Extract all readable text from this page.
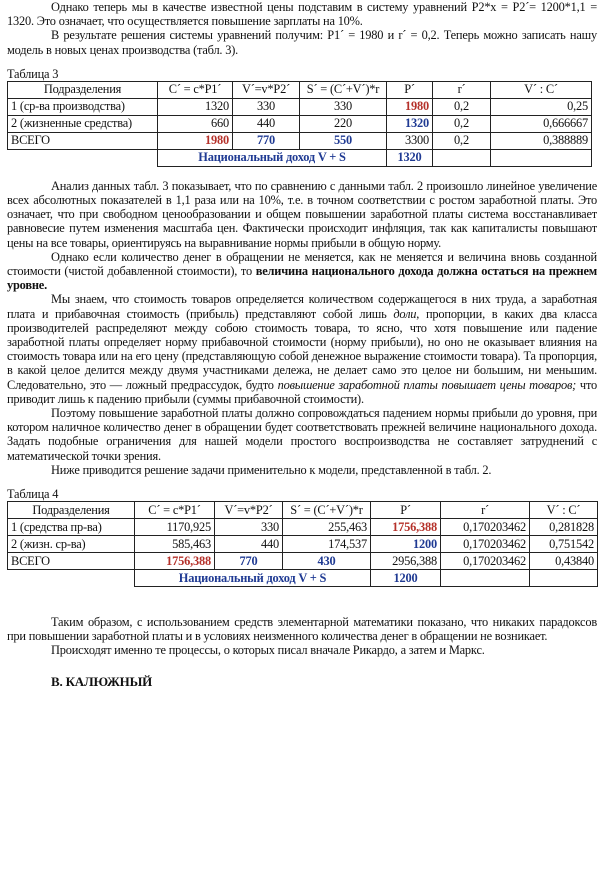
Однако теперь мы в качестве известной цены подставим в систему уравнений P2*x = P2´= 1200*1,1 = 1320. Это означает, что осуществляется повышение зарплаты на 10%.

В результате решения системы уравнений получим: P1´ = 1980 и r´ = 0,2. Теперь можно записать нашу модель в новых ценах производства (табл. 3).

Таблица 3

Подразделения	C´ = c*P1´	V´=v*P2´	S´ = (C´+V´)*r	P´	r´	V´ : C´
1 (ср-ва производства)	1320	330	330	1980	0,2	0,25
2 (жизненные средства)	660	440	220	1320	0,2	0,666667
ВСЕГО	1980	770	550	3300	0,2	0,388889
	Национальный доход V + S			1320		

Анализ данных табл. 3 показывает, что по сравнению с данными табл. 2 произошло линейное увеличение всех абсолютных показателей в 1,1 раза или на 10%, т.е. в точном соответствии с ростом заработной платы. Это означает, что при свободном ценообразовании и общем повышении заработной платы система восстанавливает равновесие путем изменения масштаба цен. Фактически происходит инфляция, так как капиталисты повышают цены на все товары, ориентируясь на выравнивание нормы прибыли в общую норму.

Однако если количество денег в обращении не меняется, как не меняется и величина вновь созданной стоимости (чистой добавленной стоимости), то величина национального дохода должна остаться на прежнем уровне.

Мы знаем, что стоимость товаров определяется количеством содержащегося в них труда, а заработная плата и прибавочная стоимость (прибыль) представляют собой лишь доли, пропорции, в каких два класса производителей распределяют между собою стоимость товара, то ясно, что хотя повышение или падение заработной платы определяет норму прибавочной стоимости (норму прибыли), но оно не оказывает влияния на стоимость товара или на его цену (представляющую собой денежное выражение стоимости товара). Та пропорция, в какой целое делится между двумя участниками дележа, не делает само это целое ни большим, ни меньшим. Следовательно, это — ложный предрассудок, будто повышение заработной платы повышает цены товаров; что приводит лишь к падению прибыли (суммы прибавочной стоимости).

Поэтому повышение заработной платы должно сопровождаться падением нормы прибыли до уровня, при котором наличное количество денег в обращении будет соответствовать прежней величине национального дохода. Задать подобные ограничения для нашей модели простого воспроизводства не составляет затруднений с математической точки зрения.

Ниже приводится решение задачи применительно к модели, представленной в табл. 2.

Таблица 4

Подразделения	C´ = c*P1´	V´=v*P2´	S´ = (C´+V´)*r	P´	r´	V´ : C´
1 (средства пр-ва)	1170,925	330	255,463	1756,388	0,170203462	0,281828
2 (жизн. ср-ва)	585,463	440	174,537	1200	0,170203462	0,751542
ВСЕГО	1756,388	770	430	2956,388	0,170203462	0,43840
	Национальный доход V + S			1200		

Таким образом, с использованием средств элементарной математики показано, что никаких парадоксов при повышении заработной платы и в условиях неизменного количества денег в обращении не возникает.

Происходят именно те процессы, о которых писал вначале Рикардо, а затем и Маркс.

В. КАЛЮЖНЫЙ
